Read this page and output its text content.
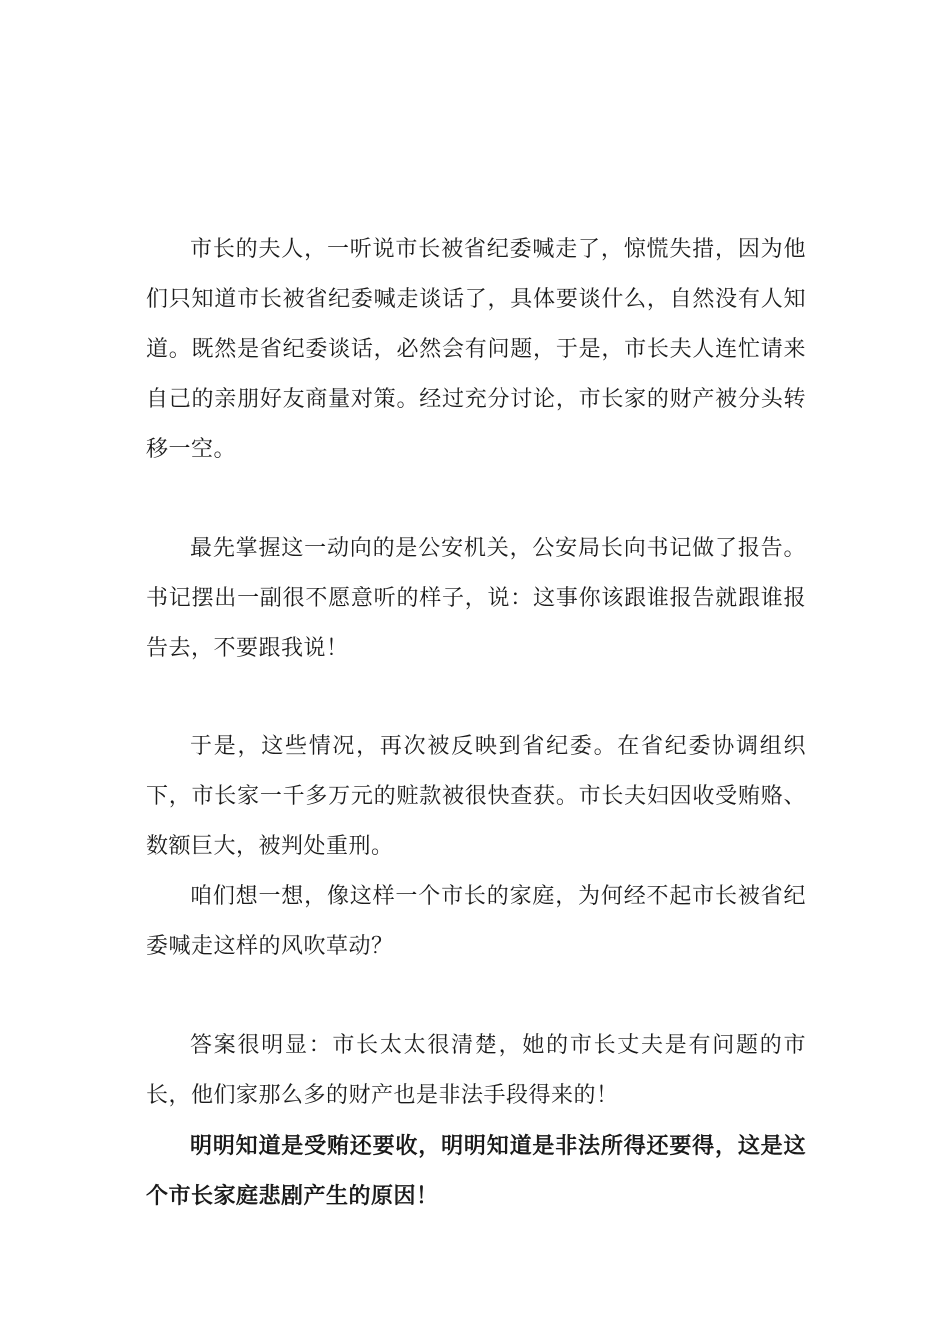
市长的夫人，一听说市长被省纪委喊走了，惊慌失措，因为他们只知道市长被省纪委喊走谈话了，具体要谈什么，自然没有人知道。既然是省纪委谈话，必然会有问题，于是，市长夫人连忙请来自己的亲朋好友商量对策。经过充分讨论，市长家的财产被分头转移一空。

最先掌握这一动向的是公安机关，公安局长向书记做了报告。书记摆出一副很不愿意听的样子，说：这事你该跟谁报告就跟谁报告去，不要跟我说！

于是，这些情况，再次被反映到省纪委。在省纪委协调组织下，市长家一千多万元的赃款被很快查获。市长夫妇因收受贿赂、数额巨大，被判处重刑。

咱们想一想，像这样一个市长的家庭，为何经不起市长被省纪委喊走这样的风吹草动？

答案很明显：市长太太很清楚，她的市长丈夫是有问题的市长，他们家那么多的财产也是非法手段得来的！

明明知道是受贿还要收，明明知道是非法所得还要得，这是这个市长家庭悲剧产生的原因！
